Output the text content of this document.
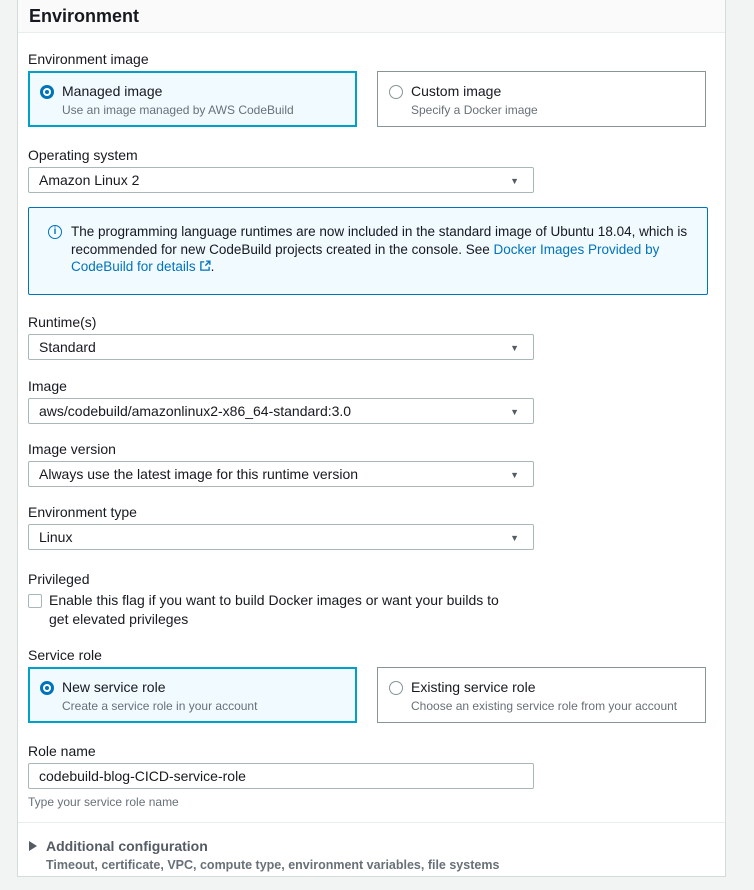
Environment
Environment image
Managed image
Use an image managed by AWS CodeBuild
Custom image
Specify a Docker image
Operating system
Amazon Linux 2	▼
i	The programming language runtimes are now included in the standard image of Ubuntu 18.04, which is recommended for new CodeBuild projects created in the console. See Docker Images Provided by CodeBuild for details .
Runtime(s)
Standard	▼
Image
aws/codebuild/amazonlinux2-x86_64-standard:3.0	▼
Image version
Always use the latest image for this runtime version	▼
Environment type
Linux	▼
Privileged
Enable this flag if you want to build Docker images or want your builds to get elevated privileges
Service role
New service role
Create a service role in your account
Existing service role
Choose an existing service role from your account
Role name
codebuild-blog-CICD-service-role
Type your service role name
Additional configuration
Timeout, certificate, VPC, compute type, environment variables, file systems
